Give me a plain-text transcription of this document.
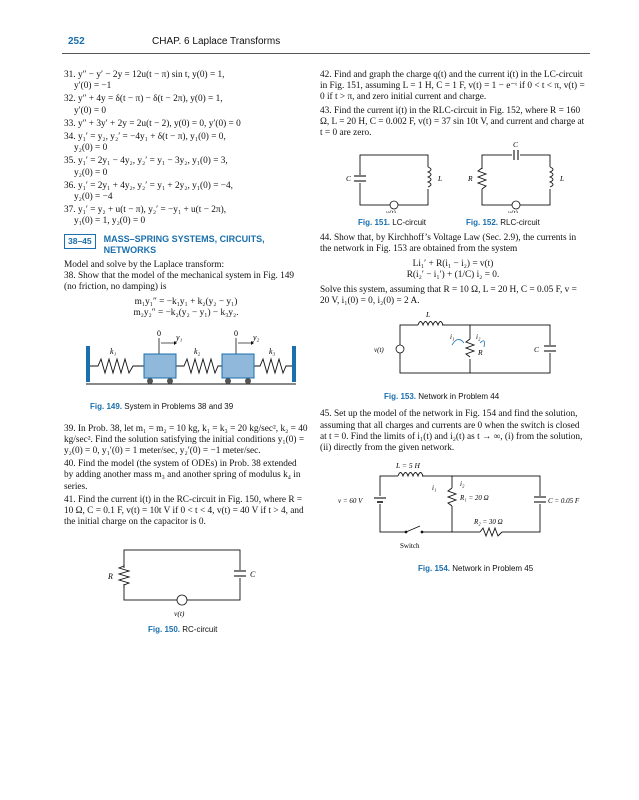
252	CHAP. 6 Laplace Transforms
31. y″ − y′ − 2y = 12u(t − π) sin t, y(0) = 1,
y′(0) = −1
32. y″ + 4y = δ(t − π) − δ(t − 2π), y(0) = 1,
y′(0) = 0
33. y″ + 3y′ + 2y = 2u(t − 2), y(0) = 0, y′(0) = 0
34. y₁′ = y₂, y₂′ = −4y₁ + δ(t − π), y₁(0) = 0,
y₂(0) = 0
35. y₁′ = 2y₁ − 4y₂, y₂′ = y₁ − 3y₂, y₁(0) = 3,
y₂(0) = 0
36. y₁′ = 2y₁ + 4y₂, y₂′ = y₁ + 2y₂, y₁(0) = −4,
y₂(0) = −4
37. y₁′ = y₂ + u(t − π), y₂′ = −y₁ + u(t − 2π),
y₁(0) = 1, y₂(0) = 0
38–45	MASS–SPRING SYSTEMS, CIRCUITS,
NETWORKS
Model and solve by the Laplace transform:
38. Show that the model of the mechanical system in Fig. 149 (no friction, no damping) is
m₁y₁″ = −k₁y₁ + k₂(y₂ − y₁)
m₂y₂″ = −k₂(y₂ − y₁) − k₃y₂.
0	0
y₁	y₂
k₁	k₂	k₃
Fig. 149. System in Problems 38 and 39
39. In Prob. 38, let m₁ = m₂ = 10 kg, k₁ = k₃ = 20 kg/sec², k₂ = 40 kg/sec². Find the solution satisfying the initial conditions y₁(0) = y₂(0) = 0, y₁′(0) = 1 meter/sec, y₂′(0) = −1 meter/sec.
40. Find the model (the system of ODEs) in Prob. 38 extended by adding another mass m₃ and another spring of modulus k₄ in series.
41. Find the current i(t) in the RC-circuit in Fig. 150, where R = 10 Ω, C = 0.1 F, v(t) = 10t V if 0 < t < 4, v(t) = 40 V if t > 4, and the initial charge on the capacitor is 0.
R	C
v(t)
Fig. 150. RC-circuit
42. Find and graph the charge q(t) and the current i(t) in the LC-circuit in Fig. 151, assuming L = 1 H, C = 1 F, v(t) = 1 − e⁻ᵗ if 0 < t < π, v(t) = 0 if t > π, and zero initial current and charge.
43. Find the current i(t) in the RLC-circuit in Fig. 152, where R = 160 Ω, L = 20 H, C = 0.002 F, v(t) = 37 sin 10t V, and current and charge at t = 0 are zero.
C	L
v(t)
C
R	L
v(t)
Fig. 151. LC-circuit	Fig. 152. RLC-circuit
44. Show that, by Kirchhoff’s Voltage Law (Sec. 2.9), the currents in the network in Fig. 153 are obtained from the system
Li₁′ + R(i₁ − i₂) = v(t)
R(i₂′ − i₁′) + (1/C) i₂ = 0.
Solve this system, assuming that R = 10 Ω, L = 20 H, C = 0.05 F, v = 20 V, i₁(0) = 0, i₂(0) = 2 A.
L
v(t)
i₁	i₂
R	C
Fig. 153. Network in Problem 44
45. Set up the model of the network in Fig. 154 and find the solution, assuming that all charges and currents are 0 when the switch is closed at t = 0. Find the limits of i₁(t) and i₂(t) as t → ∞, (i) from the solution, (ii) directly from the given network.
L = 5 H
v = 60 V
i₁	i₂
R₁ = 20 Ω	C = 0.05 F
Switch
R₂ = 30 Ω
Fig. 154. Network in Problem 45
